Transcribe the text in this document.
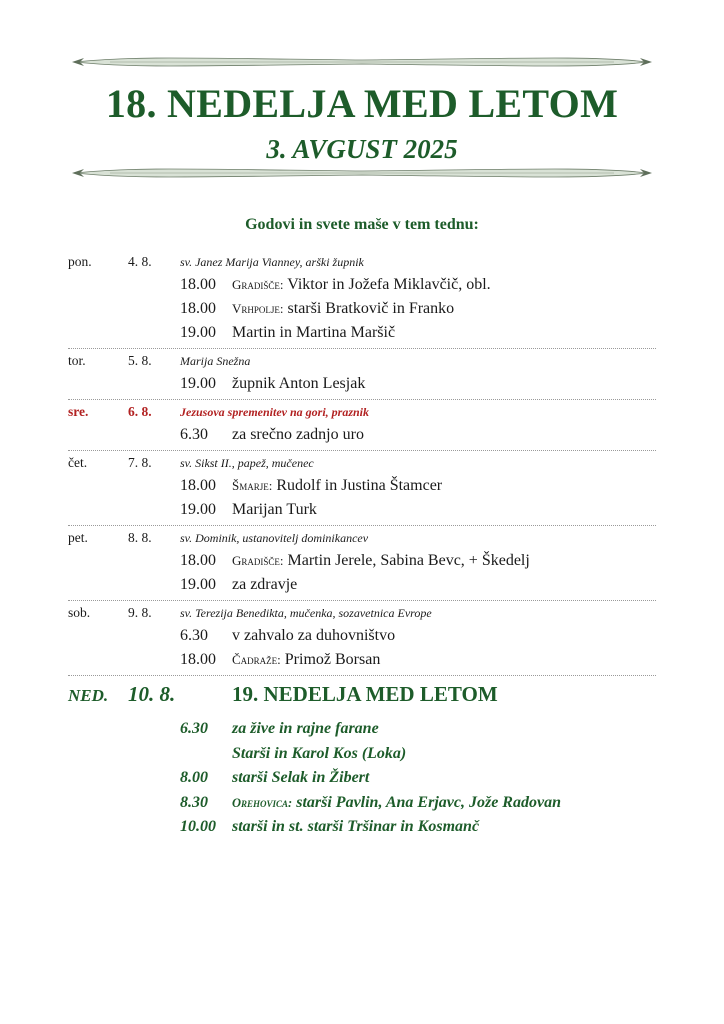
18. NEDELJA MED LETOM
3. AVGUST 2025
Godovi in svete maše v tem tednu:
pon.	4. 8. sv. Janez Marija Vianney, arški župnik
18.00 Gradišče: Viktor in Jožefa Miklavčič, obl.
18.00 Vrhpolje: starši Bratkovič in Franko
19.00 Martin in Martina Maršič
tor.	5. 8. Marija Snežna
19.00 župnik Anton Lesjak
sre.	6. 8. Jezusova spremenitev na gori, praznik
6.30 za srečno zadnjo uro
čet.	7. 8. sv. Sikst II., papež, mučenec
18.00 Šmarje: Rudolf in Justina Štamcer
19.00 Marijan Turk
pet.	8. 8. sv. Dominik, ustanovitelj dominikancev
18.00 Gradišče: Martin Jerele, Sabina Bevc, + Škedelj
19.00 za zdravje
sob.	9. 8. sv. Terezija Benedikta, mučenka, sozavetnica Evrope
6.30 v zahvalo za duhovništvo
18.00 Čadraže: Primož Borsan
NED. 10. 8.	19. NEDELJA MED LETOM
6.30 za žive in rajne farane
Starši in Karol Kos (Loka)
8.00 starši Selak in Žibert
8.30 Orehovica: starši Pavlin, Ana Erjavc, Jože Radovan
10.00 starši in st. starši Tršinar in Kosmanč
